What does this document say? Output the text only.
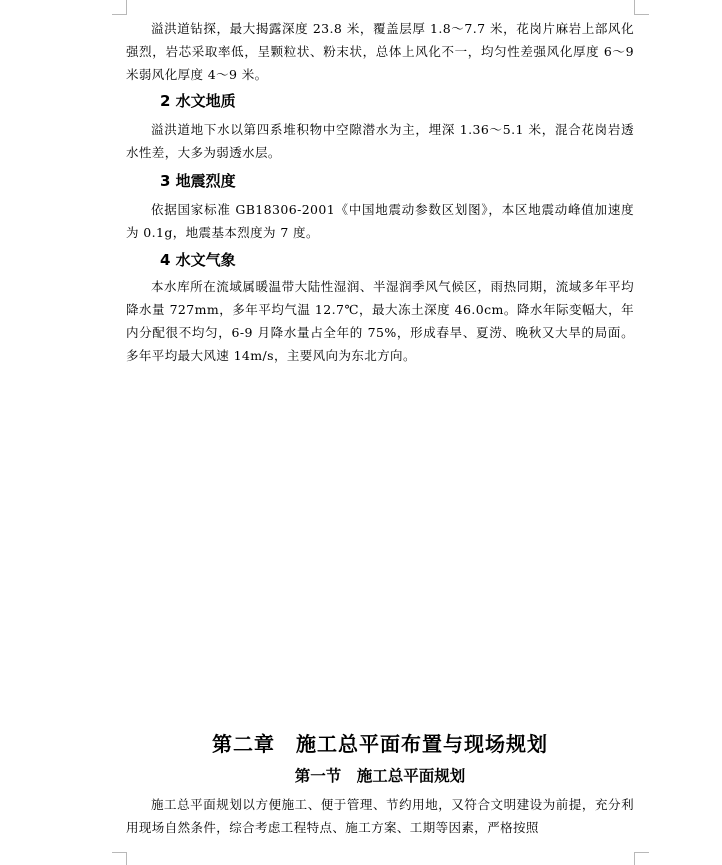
溢洪道钻探，最大揭露深度 23.8 米，覆盖层厚 1.8～7.7 米，花岗片麻岩上部风化强烈，岩芯采取率低，呈颗粒状、粉末状，总体上风化不一，均匀性差强风化厚度 6～9 米弱风化厚度 4～9 米。

2 水文地质

溢洪道地下水以第四系堆积物中空隙潜水为主，埋深 1.36～5.1 米，混合花岗岩透水性差，大多为弱透水层。

3 地震烈度

依据国家标准 GB18306-2001《中国地震动参数区划图》，本区地震动峰值加速度为 0.1g，地震基本烈度为 7 度。

4 水文气象

本水库所在流域属暖温带大陆性湿润、半湿润季风气候区，雨热同期，流域多年平均降水量 727mm，多年平均气温 12.7℃，最大冻土深度 46.0cm。降水年际变幅大，年内分配很不均匀，6-9 月降水量占全年的 75%，形成春旱、夏涝、晚秋又大旱的局面。多年平均最大风速 14m/s，主要风向为东北方向。

第二章　施工总平面布置与现场规划
第一节　施工总平面规划

施工总平面规划以方便施工、便于管理、节约用地，又符合文明建设为前提，充分利用现场自然条件，综合考虑工程特点、施工方案、工期等因素，严格按照
